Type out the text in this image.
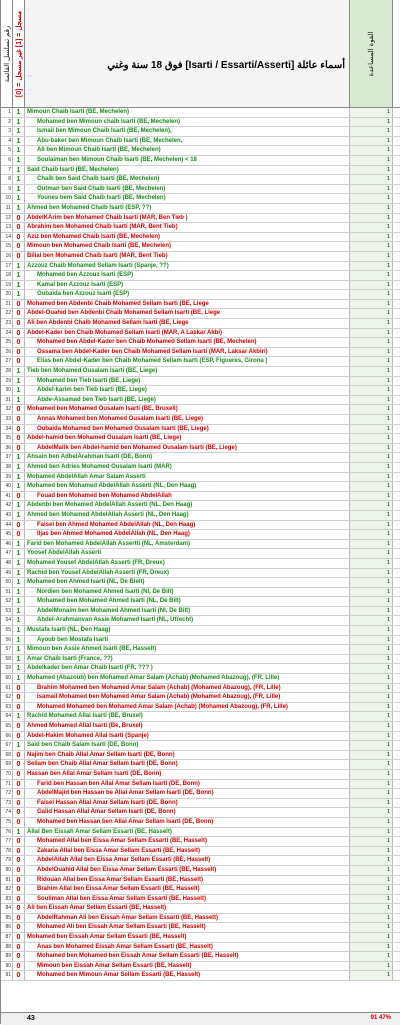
رقم تسلسل القائمة
مسجل = [1] غير مسجل = [0]
أسماء عائلة [Isarti / Essarti/Asserti] فوق 18 سنة وغني	القوة المساعدة
1 1	Mimoun Chaib Isarti (BE, Mechelen)	1
2 1	Mohamed ben Mimoun chaib Isarti (BE, Mechelen)	1
3 1	Ismail ben Mimoun Chaib Isarti (BE, Mechelen),	1
4 1	Abu-baker ben Mimoun Chaib Isarti (BE, Mechelen,	1
5 1	Ali ben Mimoun Chaib Isarti (BE, Mechelen)	1
6 1	Soulaiman ben Mimoun Chaib Isarti (BE, Mechelen) < 18	1
7 1	Said Chaib Isarti (BE, Mechelen)	1
8 1	Chaib ben Said Chaib Isarti (BE, Mechelen)	1
9 1	Outman ben Said Chaib Isarti (BE, Mechelen)	1
10 1	Younes bem Said Chaib Isarti (BE, Mechelen)	1
11 1	Ahmed ben Mohamed Chaib Isarti (ESP, ??)	1
12 0	AbdelKArim ben Mohamed Chaib Isarti (MAR, Ben Tieb )	1
13 0	Abrahim ben Mohamed Chaib Isarti (MAR, Bent Tieb)	1
14 0	Aziz ben Mohamed Chaib Isarti (BE, Mechelen)	1
15 0	Mimoun ben Mohamed Chaib Isarti (BE, Mechelen)	1
16 0	Bilial ben Mohamed Chaib Isarti (MAR, Bent Tieb)	1
17 1	Azzouz Chaib Mohamed Sellam Isarti (Spanje, ??)	1
18 1	Mohamed ben Azzouz Isarti (ESP)	1
19 1	Kamal ben Azzouz Isarti (ESP)	1
20 1	Oubaida ben Azzouz Isarti (ESP)	1
21 0	Mohamed ben Abdenbi Chaib Mohamed Sellam Isarti (BE, Liege	1
22 0	Abdel-Ouahid ben Abdenbi Chaib Mohamed Sellam Isarti (BE, Liege	1
23 0	Ali ben Abdenbi Chaib Mohamed Sellam Isarti (BE, Liege	1
24 0	Abdel-Kader ben Chaib Mohamed Sellam Isarti (MAR, A Laskar Akbi)	1
25 0	Mohamed ben Abdel-Kader ben Chaib Mohamed Sellam Isarti (BE, Mechelen)	1
26 0	Ossama ben Abdel-Kader ben Chaib Mohamed Sellam Isarti (MAR, Laksar Akbiri)	1
27 0	Elias ben Abdel-Kader ben Chaib Mohamed Sellam Isarti (ESP, Figueres, Girona )	1
28 1	Tieb ben Mohamed Ousalam Isarti (BE, Liege)	1
29 1	Mohamed ben Tieb Isarti (BE, Liege)	1
30 1	Abdel-karim ben Tieb Isarti (BE, Liege)	1
31 1	Abde-Assamad ben Tieb Isarti (BE, Liege)	1
32 0	Mohamed ben Mohamed Ousalam Isarti (BE, Bruxell)	1
33 0	Annas Mohamed ben Mohamed Ousalam Isarti (BE, Liege)	1
34 0	Oubaida Mohamed ben Mohamed Ousalam Isarti (BE, Liege)	1
35 0	Abdel-hamid ben Mohamed Ousalam Isarti (BE, Liege)	1
36 0	AbdelMalik ben Abdel-hamid ben Mohamed Ousalam Isarti (BE, Liege)	1
37 1	Ahsain ben AdbelArahman Isarti (DE, Bonn)	1
38 1	Ahmed ben Adries Mohamed Ousalam Isarti (MAR)	1
39 1	Mohamed AbdelAllah Amar Salam Asserti	1
40 1	Mohamed ben Mohamed AbdelAllah Asserti (NL, Den Haag)	1
41 0	Fouad ben Mohamed ben Mohamed AbdelAllah	1
42 1	Abdenbi ben Mohamed AbdelAllah Asserti (NL, Den Haag)	1
43 1	Ahmed ben Mohamed AbdelAllah Asserti (NL, Den Haag)	1
44 0	Faisel ben Ahmed Mohamed AbdelAllah (NL, Den Haag)	1
45 0	Iljas ben Ahmed Mohamed AbdelAllah (NL, Den Haag)	1
46 1	Farid ben Mohamed AbdelAllah Assertti (NL, Amsterdam)	1
47 1	Yoosef AbdelAllah Asserti	1
48 1	Mohamed Yousef AbdelAllah Asserti (FR, Dreux)	1
49 1	Rachid ben Yousef AbdelAllah Asserti (FR, Dreux)	1
50 1	Mohamed ben Ahmed Isarti (NL, De Bielt)	1
51 1	Nordien ben Mohamed Ahmed Isarti (Nl, De Bilt)	1
52 1	Mohamed ben Mohamed Ahmed Isarti (NL, De Bilt)	1
53 1	AbdelMonaim ben Mohamed Ahmed Isarti (Nl, De Bilt)	1
54 1	Abdel-Arahmanvan Assie Mohamed Isarti (NL, Utrecht)	1
55 1	Mustafa Isarti (NL, Den Haag)	1
56 1	Ayoub ben Mostafa Isarti	1
57 1	Mimoun ben Assie Ahmed Isarti (BE, Hasselt)	1
58 1	Amar Chaib Isarti (France, ??)	1
59 1	Abdelkader ben Amar Chaib Isarti (FR, ??? )	1
60 1	Mohamed (Abazoub) ben Mohamed Amar Salam (Achab) (Mohamed Abazoug), (FR, Lille)	1
61 0	Brahim Mohamed ben Mohamed Amar Salam (Achab) (Mohamed Abazoug), (FR, Lille)	1
62 0	Isamail Mohamed ben Mohamed Amar Salam (Achab) (Mohamed Abazoug), (FR, Lille)	1
63 0	Mohamed Mohamed ben Mohamed Amar Salam (Achab) (Mohamed Abazoug), (FR, Lille)	1
64 1	Rachid Mohamed Allal Isarti (BE, Bruxel)	1
65 0	Ahmed Mohamed Allal Isarti (Be, Bruxel)	1
66 0	Abdel-Hakim Mohamed Allal Isarti (Spanje)	1
67 1	Said ben Chaib Salam Isarti (DE, Bonn)	1
68 0	Najim ben Chaib Allal Amar Sellam Isarti (DE, Bonn)	1
69 0	Sellam ben Chaib Allal Amar Sellam Isarti (DE, Bonn)	1
70 0	Hassan ben Allal Amar Sellam Isarti (DE, Bonn)	1
71 0	Farid ben Hassan ben Allal Amar Sellam Isarti (DE, Bonn)	1
72 0	AbdelMajid ben Hassan be Allal Amar Sellam Isarti (DE, Bonn)	1
73 0	Faisel Hassan Allal Amar Sellam Isarti (DE, Bonn)	1
74 0	Galid Hassan Allal Amar Sellam Isarti (DE, Bonn)	1
75 0	Mohamed ben Hassan ben Allal Amar Sellam Isarti (DE, Bonn)	1
76 1	Allal Ben Eissah Amar Sellam Essarti (BE, Hasselt)	1
77 0	Mohamed Allal ben Eissa Amar Sellam Essarti (BE, Hasselt)	1
78 0	Zakaria Allal ben Eissa Amar Sellam Essarti (BE, Hasselt)	1
79 0	AbdelAllah Allal ben Eissa Amar Sellam Essarti (BE, Hasselt)	1
80 0	AbdelOuahid Allal ben Eissa Amar Sellam Essarti (BE, Hasselt)	1
81 0	Ridouan Allal ben Eissa Amar Sellam Essarti (BE, Hasselt)	1
82 0	Brahim Allal ben Eissa Amar Sellam Essarti (BE, Hasselt)	1
83 0	Souliman Allal ben Eissa Amar Sellam Essarti (BE, Hasselt)	1
84 0	Ali ben Eissah Amar Sellam Essarti (BE, Hasselt)	1
85 0	AbdelRahman Ali ben Eissah Amar Sellam Essarti (BE, Hasselt)	1
86 0	Mohamed Ali ben Eissah Amar Sellam Essarti (BE, Hasselt)	1
87 0	Mohamed ben Eissah Amar Sellam Essarti (BE, Hasselt)	1
88 0	Anas ben Mohamed Eissah Amar Sellam Essarti (BE, Hasselt)	1
89 0	Mohamed ben Mohamed ben Eissah Amar Sellam Essarti (BE, Hasselt)	1
90 0	Mimoun ben Eissah Amar Sellam Essarti (BE, Hasselt)	1
91 0	Mohamed ben Mimoun Amar Sellam Essarti (BE, Hasselt)	1
43	91 47%
